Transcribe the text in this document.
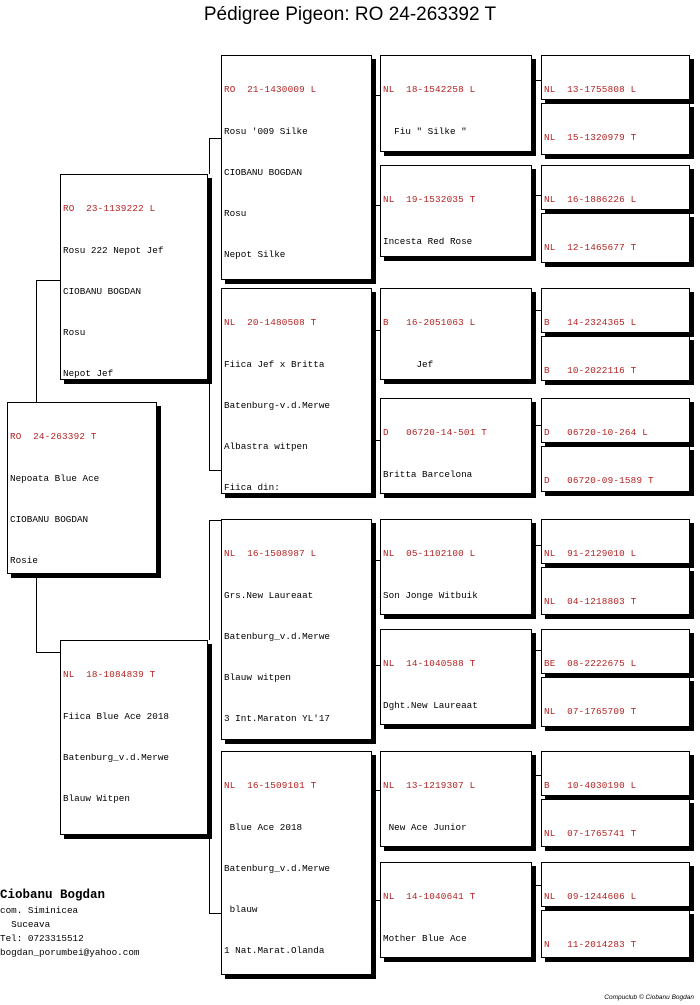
Pédigree Pigeon: RO 24-263392 T

RO  24-263392 T

Nepoata Blue Ace

CIOBANU BOGDAN

Rosie

RO  23-1139222 L

Rosu 222 Nepot Jef

CIOBANU BOGDAN

Rosu

Nepot Jef

NL  18-1084839 T

Fiica Blue Ace 2018

Batenburg_v.d.Merwe

Blauw Witpen

RO  21-1430009 L

Rosu '009 Silke

CIOBANU BOGDAN

Rosu

Nepot Silke

NL  20-1480508 T

Fiica Jef x Britta

Batenburg-v.d.Merwe

Albastra witpen

Fiica din:

NL  16-1508987 L

Grs.New Laureaat

Batenburg_v.d.Merwe

Blauw witpen

3 Int.Maraton YL'17

NL  16-1509101 T

Blue Ace 2018

Batenburg_v.d.Merwe

blauw

1 Nat.Marat.Olanda

NL  18-1542258 L

Fiu " Silke "

NL  19-1532035 T

Incesta Red Rose

B   16-2051063 L

Jef

D   06720-14-501 T

Britta Barcelona

NL  05-1102100 L

Son Jonge Witbuik

NL  14-1040588 T

Dght.New Laureaat

NL  13-1219307 L

New Ace Junior

NL  14-1040641 T

Mother Blue Ace

NL  13-1755808 L

NL  15-1320979 T

NL  16-1886226 L

NL  12-1465677 T

B   14-2324365 L

B   10-2022116 T

D   06720-10-264 L

D   06720-09-1589 T

NL  91-2129010 L

NL  04-1218803 T

BE  08-2222675 L

NL  07-1765709 T

B   10-4030190 L

NL  07-1765741 T

NL  09-1244606 L

N   11-2014283 T

Ciobanu Bogdan
com. Siminicea
Suceava
Tel: 0723315512
bogdan_porumbei@yahoo.com
Compuclub © Ciobanu Bogdan
